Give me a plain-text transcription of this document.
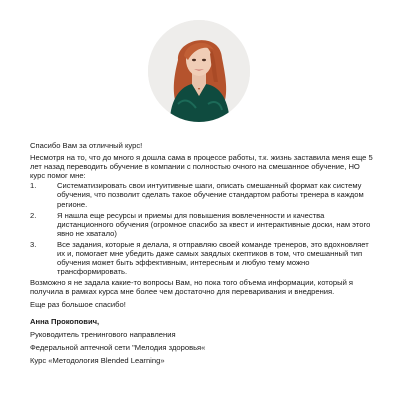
Спасибо Вам за отличный курс!

Несмотря на то, что до много я дошла сама в процессе работы, т.к. жизнь заставила меня еще 5 лет назад переводить обучение в компании с полностью очного на смешанное обучение, НО курс помог мне:

1.	Систематизировать свои интуитивные шаги, описать смешанный формат как систему обучения, что позволит сделать такое обучение стандартом работы тренера в каждом регионе.
2.	Я нашла еще ресурсы и приемы для повышения вовлеченности и качества дистанционного обучения (огромное спасибо за квест и интерактивные доски, нам этого явно не хватало)
3.	Все задания, которые я делала, я отправляю своей команде тренеров, это вдохновляет их и, помогает мне убедить даже самых заядлых скептиков в том, что смешанный тип обучения может быть эффективным, интересным и любую тему можно трансформировать.

Возможно я не задала какие-то вопросы Вам, но пока того объема информации, который я получила в рамках курса мне более чем достаточно для переваривания и внедрения.

Еще раз большое спасибо!

Анна Прокопович,
Руководитель тренингового направления
Федеральной аптечной сети "Мелодия здоровья«
Курс «Методология Blended Learning»
